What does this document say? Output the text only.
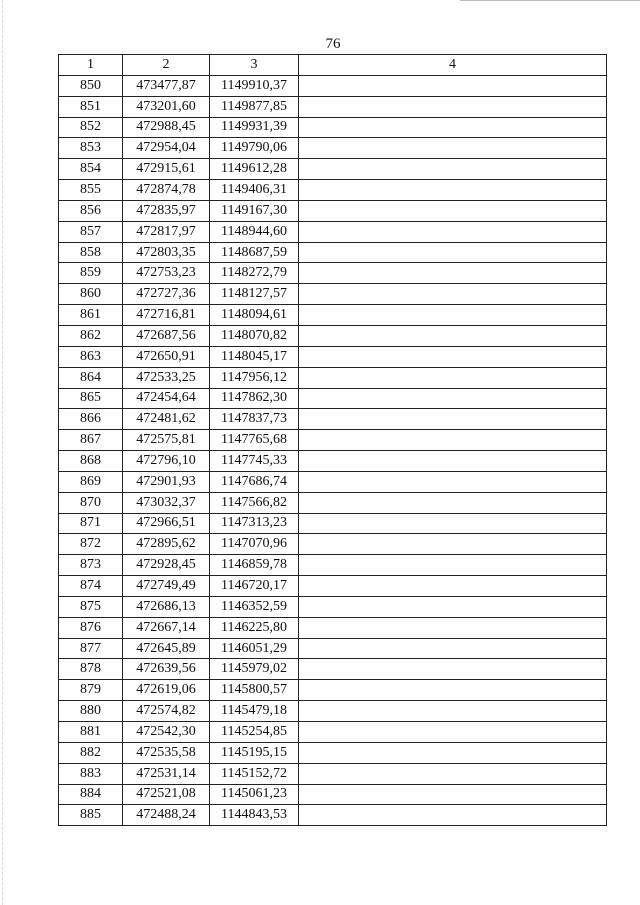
76
1	2	3	4
850	473477,87	1149910,37	
851	473201,60	1149877,85	
852	472988,45	1149931,39	
853	472954,04	1149790,06	
854	472915,61	1149612,28	
855	472874,78	1149406,31	
856	472835,97	1149167,30	
857	472817,97	1148944,60	
858	472803,35	1148687,59	
859	472753,23	1148272,79	
860	472727,36	1148127,57	
861	472716,81	1148094,61	
862	472687,56	1148070,82	
863	472650,91	1148045,17	
864	472533,25	1147956,12	
865	472454,64	1147862,30	
866	472481,62	1147837,73	
867	472575,81	1147765,68	
868	472796,10	1147745,33	
869	472901,93	1147686,74	
870	473032,37	1147566,82	
871	472966,51	1147313,23	
872	472895,62	1147070,96	
873	472928,45	1146859,78	
874	472749,49	1146720,17	
875	472686,13	1146352,59	
876	472667,14	1146225,80	
877	472645,89	1146051,29	
878	472639,56	1145979,02	
879	472619,06	1145800,57	
880	472574,82	1145479,18	
881	472542,30	1145254,85	
882	472535,58	1145195,15	
883	472531,14	1145152,72	
884	472521,08	1145061,23	
885	472488,24	1144843,53	
